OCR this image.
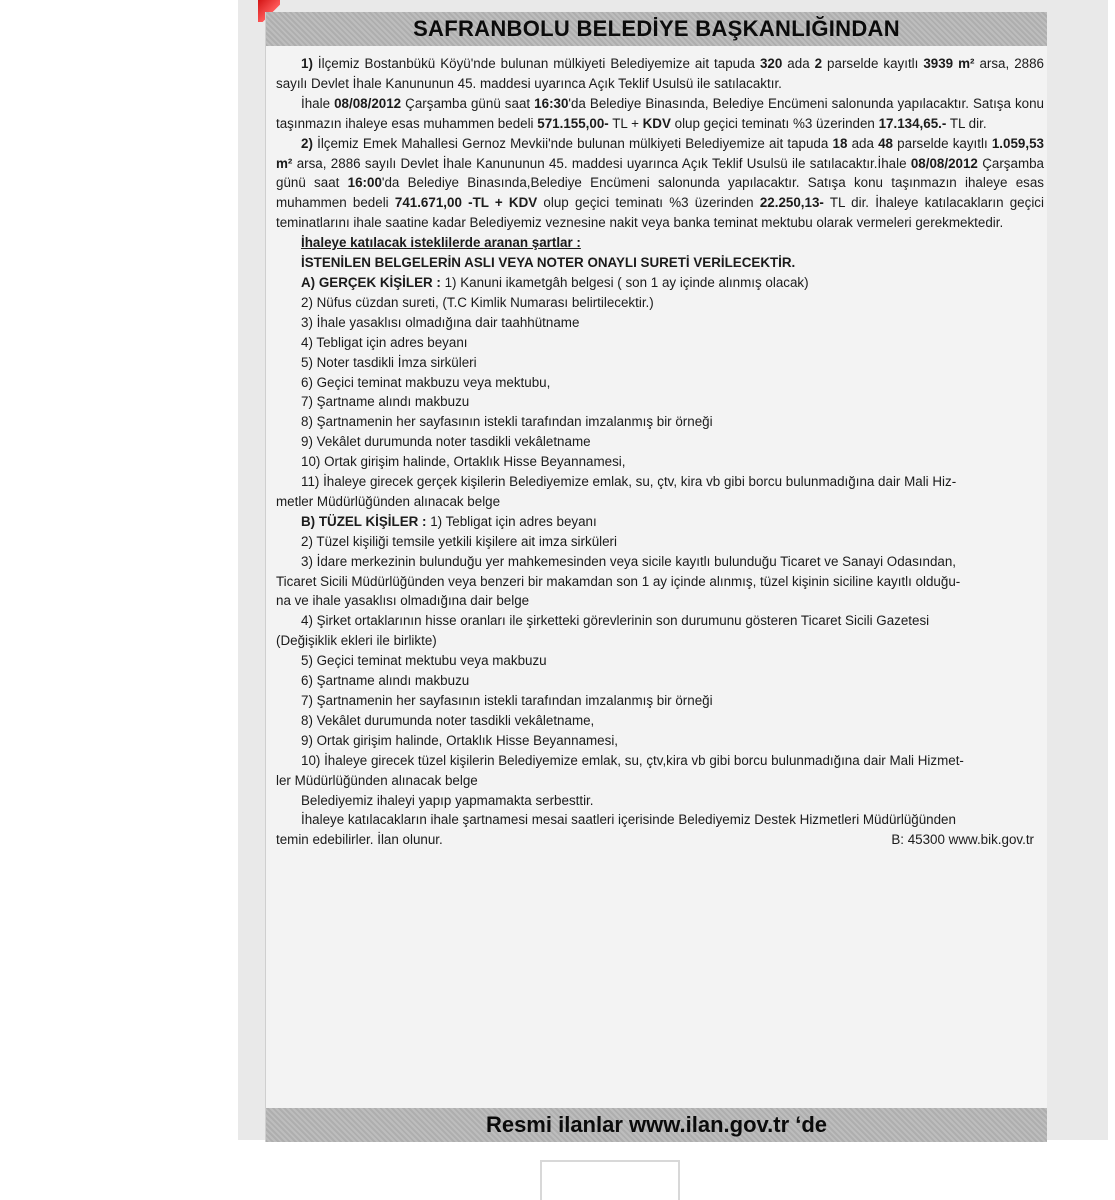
SAFRANBOLU BELEDİYE BAŞKANLIĞINDAN

1) İlçemiz Bostanbükü Köyü'nde bulunan mülkiyeti Belediyemize ait tapuda 320 ada 2 parselde kayıtlı 3939 m² arsa, 2886 sayılı Devlet İhale Kanununun 45. maddesi uyarınca Açık Teklif Usulsü ile satılacaktır.

İhale 08/08/2012 Çarşamba günü saat 16:30'da Belediye Binasında, Belediye Encümeni salonunda yapılacaktır. Satışa konu taşınmazın ihaleye esas muhammen bedeli 571.155,00- TL + KDV olup geçici teminatı %3 üzerinden 17.134,65.- TL dir.

2) İlçemiz Emek Mahallesi Gernoz Mevkii'nde bulunan mülkiyeti Belediyemize ait tapuda 18 ada 48 parselde kayıtlı 1.059,53 m² arsa, 2886 sayılı Devlet İhale Kanununun 45. maddesi uyarınca Açık Teklif Usulsü ile satılacaktır.İhale 08/08/2012 Çarşamba günü saat 16:00'da Belediye Binasında,Belediye Encümeni salonunda yapılacaktır. Satışa konu taşınmazın ihaleye esas muhammen bedeli 741.671,00 -TL + KDV olup geçici teminatı %3 üzerinden 22.250,13- TL dir. İhaleye katılacakların geçici teminatlarını ihale saatine kadar Belediyemiz veznesine nakit veya banka teminat mektubu olarak vermeleri gerekmektedir.

İhaleye katılacak isteklilerde aranan şartlar :

İSTENİLEN BELGELERİN ASLI VEYA NOTER ONAYLI SURETİ VERİLECEKTİR.

A) GERÇEK KİŞİLER : 1) Kanuni ikametgâh belgesi ( son 1 ay içinde alınmış olacak)

2) Nüfus cüzdan sureti, (T.C Kimlik Numarası belirtilecektir.)

3) İhale yasaklısı olmadığına dair taahhütname

4) Tebligat için adres beyanı

5) Noter tasdikli İmza sirküleri

6) Geçici teminat makbuzu veya mektubu,

7) Şartname alındı makbuzu

8) Şartnamenin her sayfasının istekli tarafından imzalanmış bir örneği

9) Vekâlet durumunda noter tasdikli vekâletname

10) Ortak girişim halinde, Ortaklık Hisse Beyannamesi,

11) İhaleye girecek gerçek kişilerin Belediyemize emlak, su, çtv, kira vb gibi borcu bulunmadığına dair Mali Hiz-

metler Müdürlüğünden alınacak belge

B) TÜZEL KİŞİLER : 1) Tebligat için adres beyanı

2) Tüzel kişiliği temsile yetkili kişilere ait imza sirküleri

3) İdare merkezinin bulunduğu yer mahkemesinden veya sicile kayıtlı bulunduğu Ticaret ve Sanayi Odasından,

Ticaret Sicili Müdürlüğünden veya benzeri bir makamdan son 1 ay içinde alınmış, tüzel kişinin siciline kayıtlı olduğu-

na ve ihale yasaklısı olmadığına dair belge

4) Şirket ortaklarının hisse oranları ile şirketteki görevlerinin son durumunu gösteren Ticaret Sicili Gazetesi

(Değişiklik ekleri ile birlikte)

5) Geçici teminat mektubu veya makbuzu

6) Şartname alındı makbuzu

7) Şartnamenin her sayfasının istekli tarafından imzalanmış bir örneği

8) Vekâlet durumunda noter tasdikli vekâletname,

9) Ortak girişim halinde, Ortaklık Hisse Beyannamesi,

10) İhaleye girecek tüzel kişilerin Belediyemize emlak, su, çtv,kira vb gibi borcu bulunmadığına dair Mali Hizmet-

ler Müdürlüğünden alınacak belge

Belediyemiz ihaleyi yapıp yapmamakta serbesttir.

İhaleye katılacakların ihale şartnamesi mesai saatleri içerisinde Belediyemiz Destek Hizmetleri Müdürlüğünden

temin edebilirler. İlan olunur.	B: 45300 www.bik.gov.tr
Resmi ilanlar www.ilan.gov.tr ‘de
